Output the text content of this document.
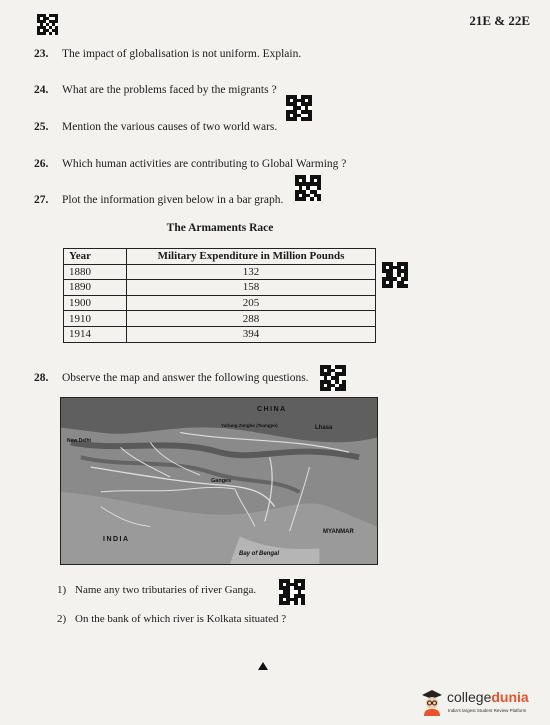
21E & 22E
23. The impact of globalisation is not uniform. Explain.
24. What are the problems faced by the migrants ?
25. Mention the various causes of two world wars.
26. Which human activities are contributing to Global Warming ?
27. Plot the information given below in a bar graph.
The Armaments Race
Year	Military Expenditure in Million Pounds
1880	132
1890	158
1900	205
1910	288
1914	394
28. Observe the map and answer the following questions.
CHINA
Lhasa
Yarlung Zangbo (Tsangpo)
New Delhi
Ganges
INDIA
MYANMAR
Bay of Bengal
1) Name any two tributaries of river Ganga.
2) On the bank of which river is Kolkata situated ?
collegedunia
India's largest Student Review Platform
